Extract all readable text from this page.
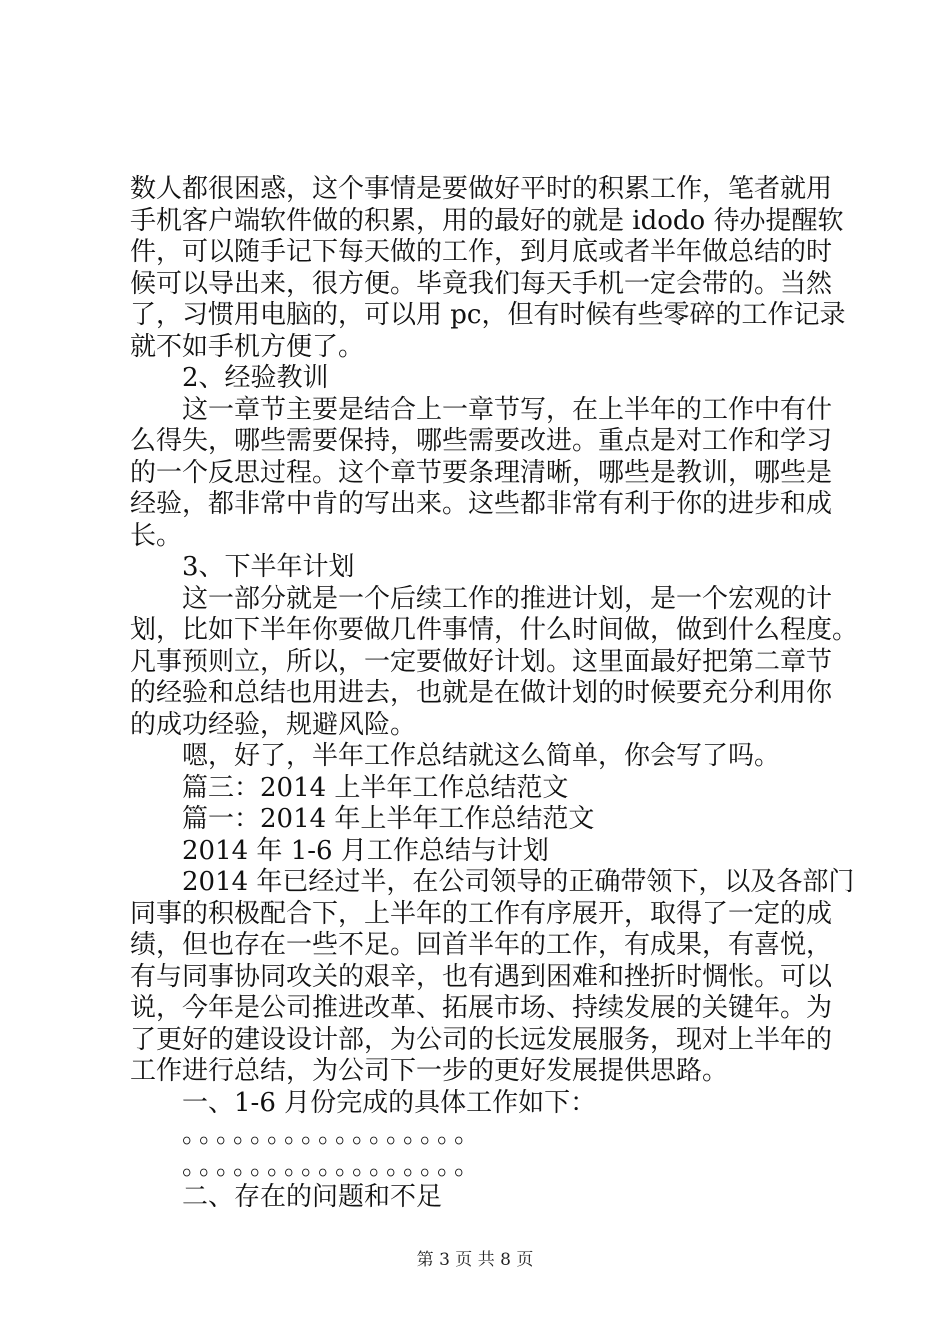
数人都很困惑，这个事情是要做好平时的积累工作，笔者就用
手机客户端软件做的积累，用的最好的就是 idodo 待办提醒软
件，可以随手记下每天做的工作，到月底或者半年做总结的时
候可以导出来，很方便。毕竟我们每天手机一定会带的。当然
了，习惯用电脑的，可以用 pc，但有时候有些零碎的工作记录
就不如手机方便了。
2、经验教训
这一章节主要是结合上一章节写，在上半年的工作中有什
么得失，哪些需要保持，哪些需要改进。重点是对工作和学习
的一个反思过程。这个章节要条理清晰，哪些是教训，哪些是
经验，都非常中肯的写出来。这些都非常有利于你的进步和成
长。
3、下半年计划
这一部分就是一个后续工作的推进计划，是一个宏观的计
划，比如下半年你要做几件事情，什么时间做，做到什么程度。
凡事预则立，所以，一定要做好计划。这里面最好把第二章节
的经验和总结也用进去，也就是在做计划的时候要充分利用你
的成功经验，规避风险。
嗯，好了，半年工作总结就这么简单，你会写了吗。
篇三：2014 上半年工作总结范文
篇一：2014 年上半年工作总结范文
2014 年 1-6 月工作总结与计划
2014 年已经过半，在公司领导的正确带领下，以及各部门
同事的积极配合下，上半年的工作有序展开，取得了一定的成
绩，但也存在一些不足。回首半年的工作，有成果，有喜悦，
有与同事协同攻关的艰辛，也有遇到困难和挫折时惆怅。可以
说，今年是公司推进改革、拓展市场、持续发展的关键年。为
了更好的建设设计部，为公司的长远发展服务，现对上半年的
工作进行总结，为公司下一步的更好发展提供思路。
一、1-6 月份完成的具体工作如下：
。。。。。。。。。。。。。。。。。
。。。。。。。。。。。。。。。。。
二、存在的问题和不足
第 3 页 共 8 页
